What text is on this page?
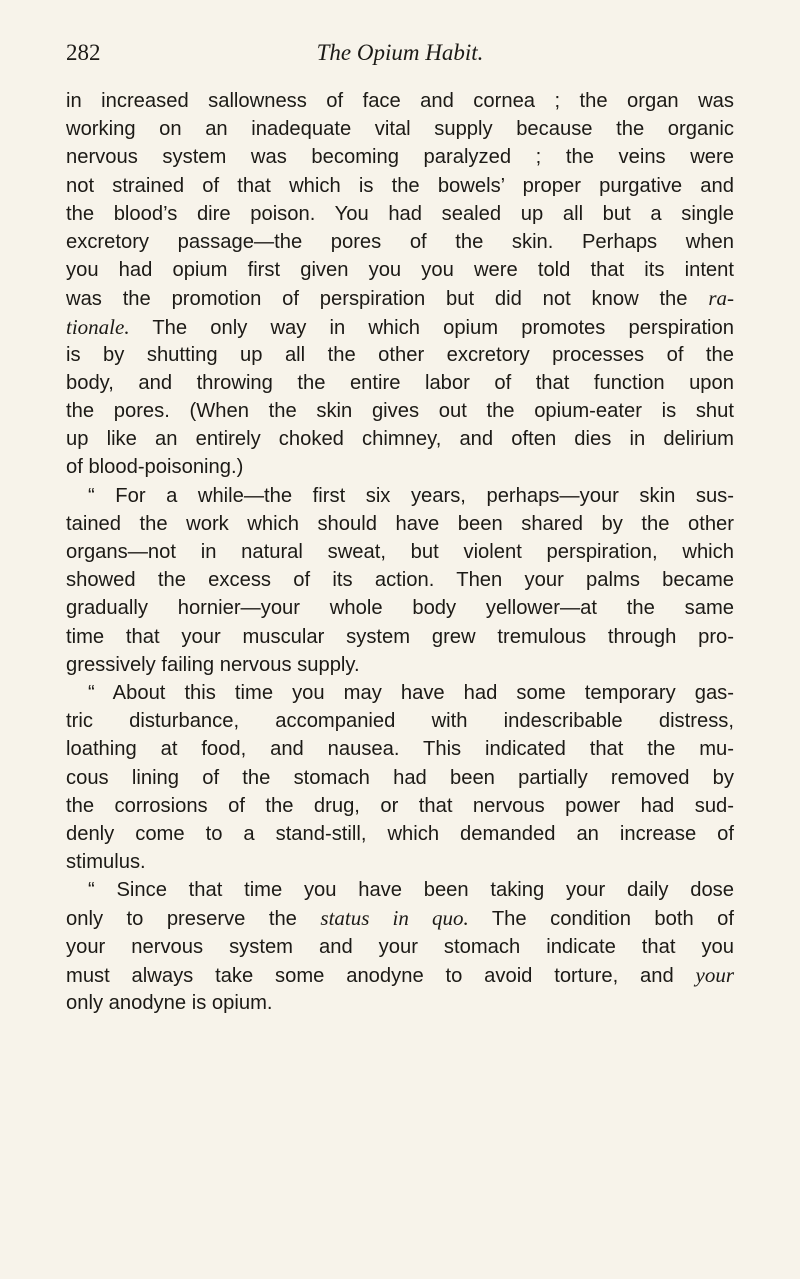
282	The Opium Habit.
in increased sallowness of face and cornea ; the organ was
working on an inadequate vital supply because the organic
nervous system was becoming paralyzed ; the veins were
not strained of that which is the bowels’ proper purgative and
the blood’s dire poison. You had sealed up all but a single
excretory passage—the pores of the skin. Perhaps when
you had opium first given you you were told that its intent
was the promotion of perspiration but did not know the ra-
tionale. The only way in which opium promotes perspiration
is by shutting up all the other excretory processes of the
body, and throwing the entire labor of that function upon
the pores. (When the skin gives out the opium-eater is shut
up like an entirely choked chimney, and often dies in delirium
of blood-poisoning.)
“ For a while—the first six years, perhaps—your skin sus-
tained the work which should have been shared by the other
organs—not in natural sweat, but violent perspiration, which
showed the excess of its action. Then your palms became
gradually hornier—your whole body yellower—at the same
time that your muscular system grew tremulous through pro-
gressively failing nervous supply.
“ About this time you may have had some temporary gas-
tric disturbance, accompanied with indescribable distress,
loathing at food, and nausea. This indicated that the mu-
cous lining of the stomach had been partially removed by
the corrosions of the drug, or that nervous power had sud-
denly come to a stand-still, which demanded an increase of
stimulus.
“ Since that time you have been taking your daily dose
only to preserve the status in quo. The condition both of
your nervous system and your stomach indicate that you
must always take some anodyne to avoid torture, and your
only anodyne is opium.
